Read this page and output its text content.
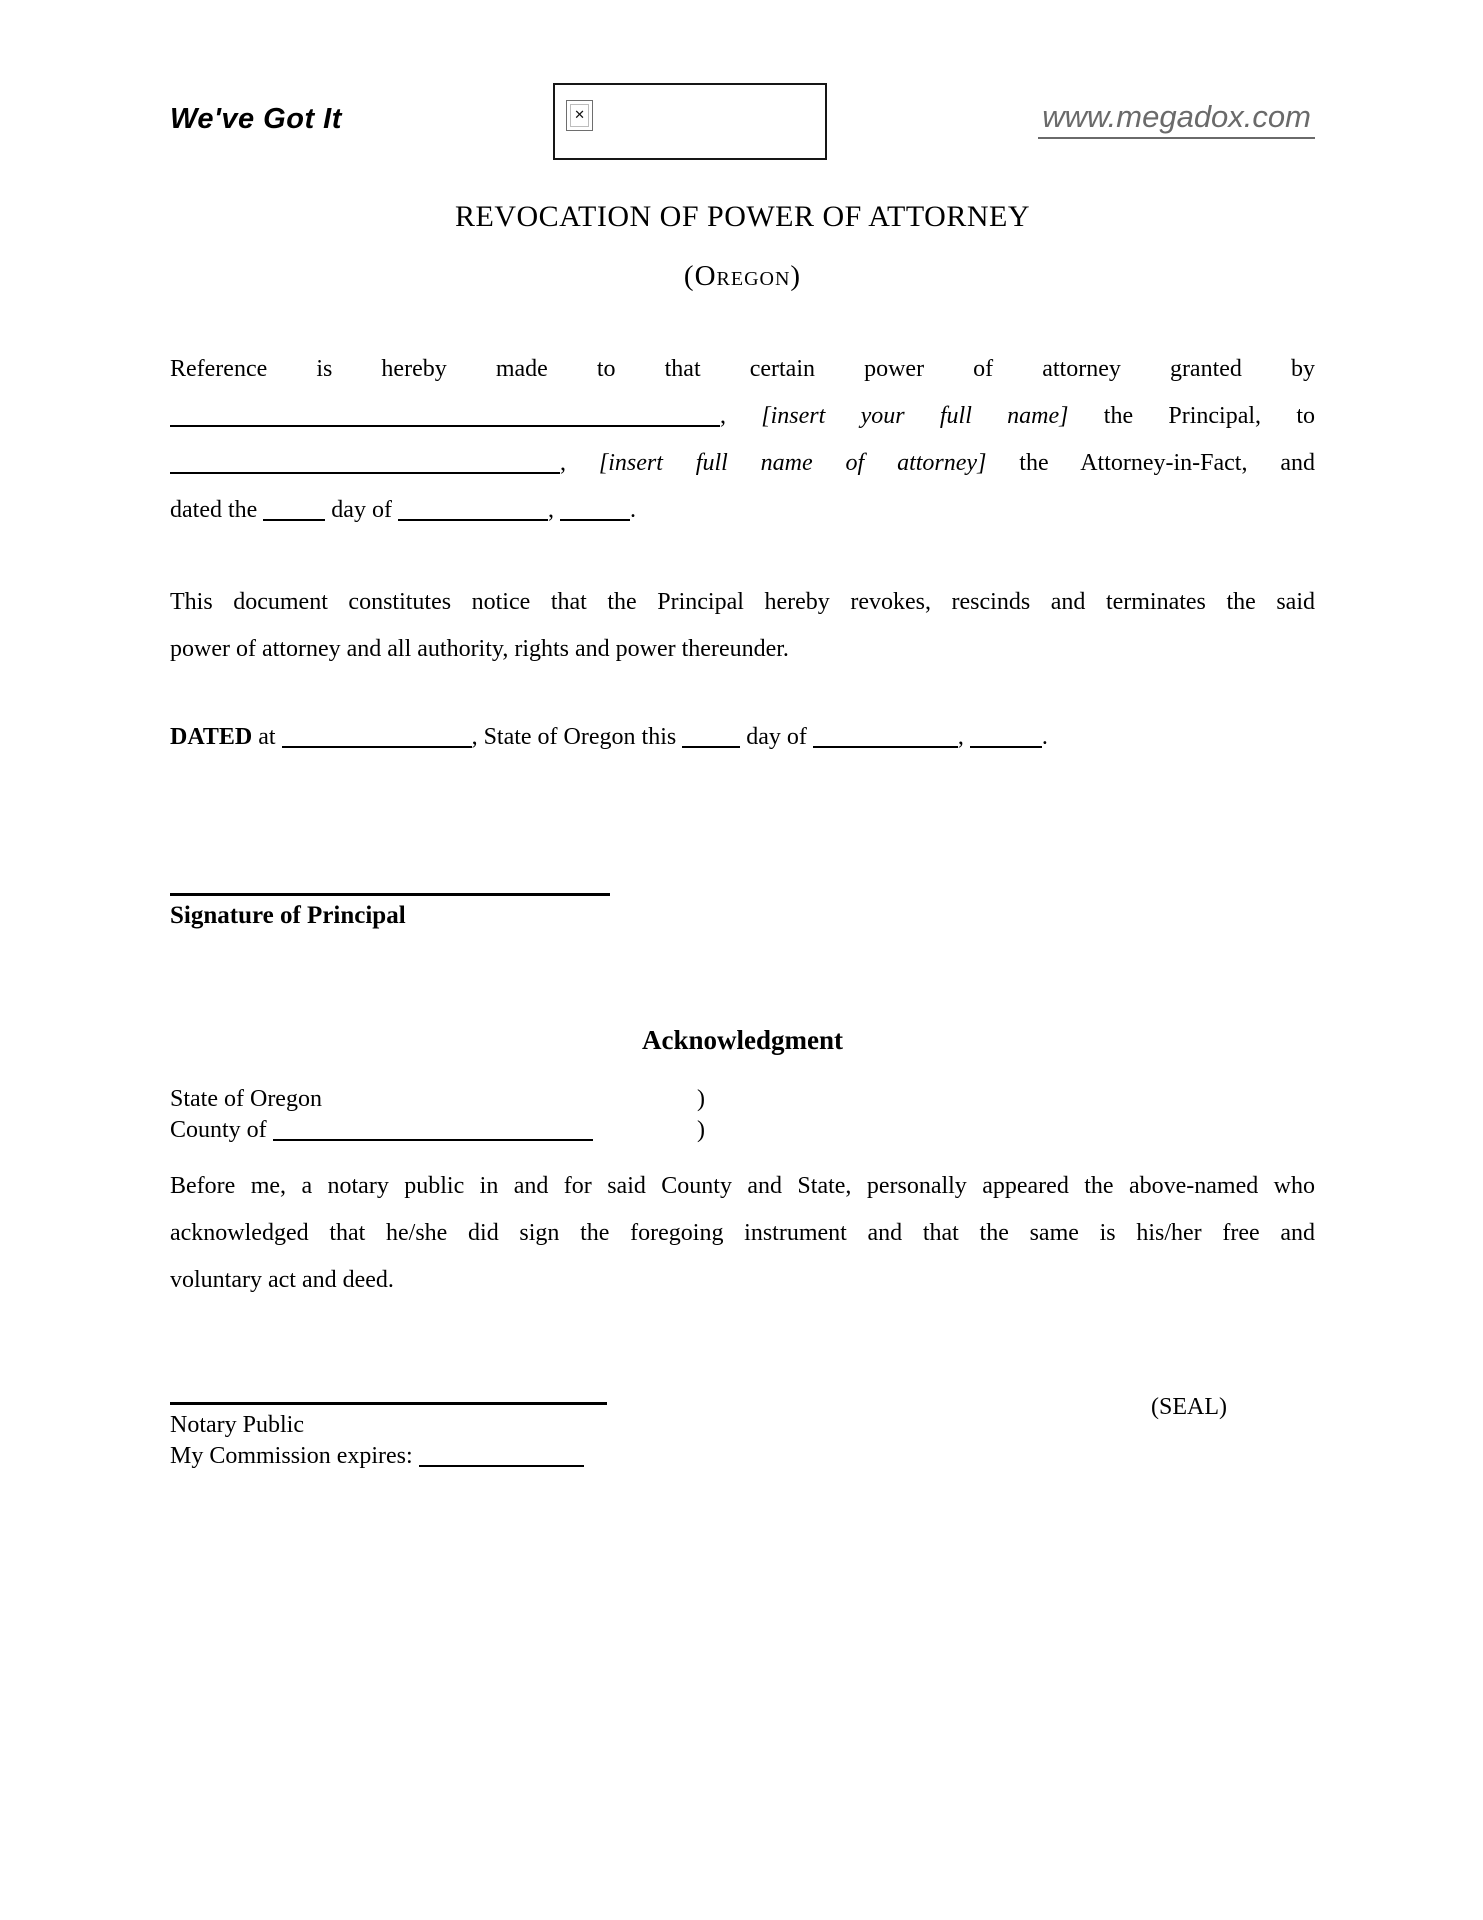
We've Got It	✕	www.megadox.com
REVOCATION OF POWER OF ATTORNEY
(Oregon)
Reference is hereby made to that certain power of attorney granted by
, [insert your full name] the Principal, to
, [insert full name of attorney] the Attorney-in-Fact, and
dated the	day of	,	.
This document constitutes notice that the Principal hereby revokes, rescinds and terminates the said
power of attorney and all authority, rights and power thereunder.
DATED at	, State of Oregon this  day of	,	.
Signature of Principal
Acknowledgment
State of Oregon	)
County of	)
Before me, a notary public in and for said County and State, personally appeared the above-named who
acknowledged that he/she did sign the foregoing instrument and that the same is his/her free and
voluntary act and deed.
(SEAL)
Notary Public
My Commission expires:
